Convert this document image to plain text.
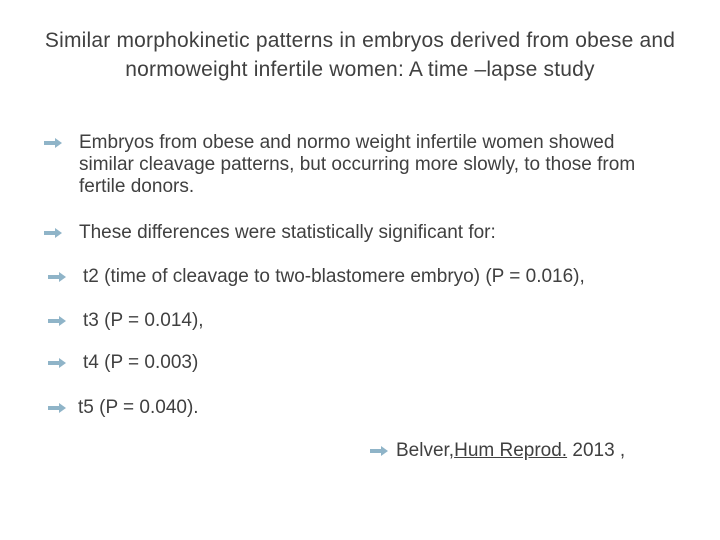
Similar morphokinetic patterns in embryos derived from obese and normoweight infertile women: A time –lapse study
Embryos from obese and normo weight infertile women showed similar cleavage patterns, but occurring more slowly, to those from fertile donors.
These differences were statistically significant for:
t2 (time of cleavage to two-blastomere embryo) (P = 0.016),
t3 (P = 0.014),
t4 (P = 0.003)
t5 (P = 0.040).
Belver,Hum Reprod. 2013 ,
